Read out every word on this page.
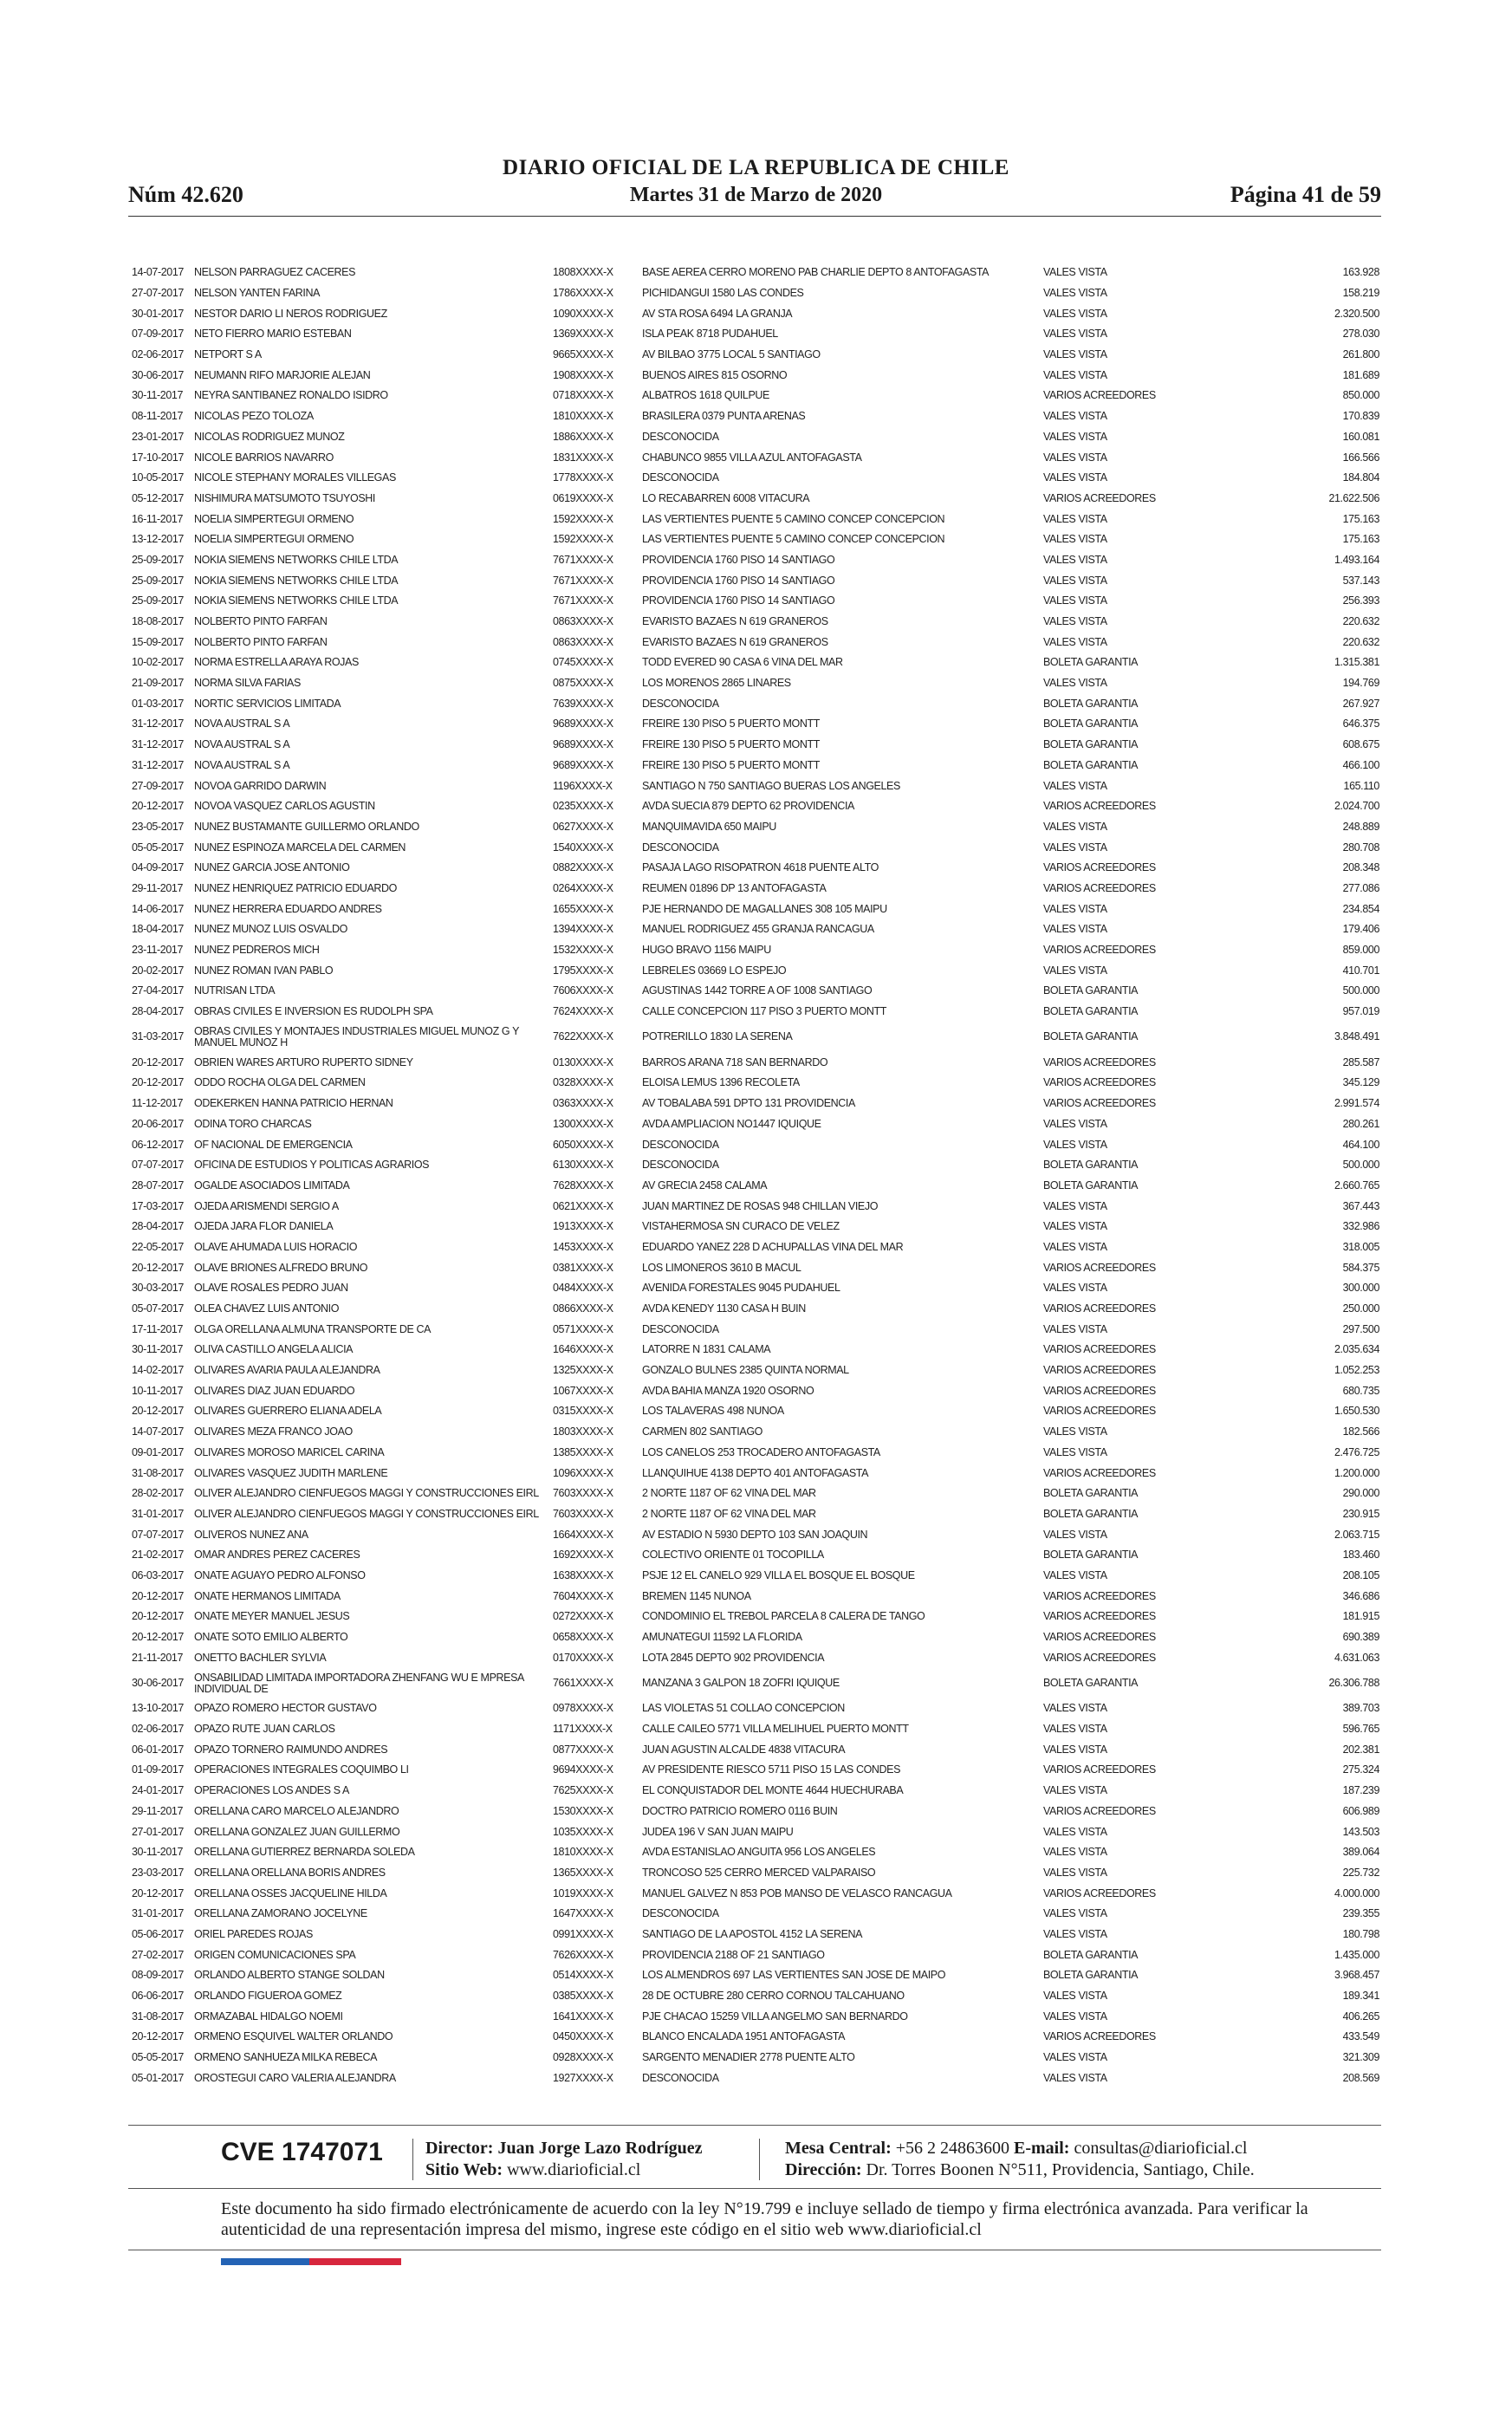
DIARIO OFICIAL DE LA REPUBLICA DE CHILE
Martes 31 de Marzo de 2020
Núm 42.620	Página 41 de 59
14-07-2017	NELSON PARRAGUEZ CACERES	1808XXXX-X	BASE AEREA CERRO MORENO PAB CHARLIE DEPTO 8 ANTOFAGASTA	VALES VISTA	163.928
27-07-2017	NELSON YANTEN FARINA	1786XXXX-X	PICHIDANGUI 1580 LAS CONDES	VALES VISTA	158.219
30-01-2017	NESTOR DARIO LI NEROS RODRIGUEZ	1090XXXX-X	AV STA ROSA 6494 LA GRANJA	VALES VISTA	2.320.500
07-09-2017	NETO FIERRO MARIO ESTEBAN	1369XXXX-X	ISLA PEAK 8718 PUDAHUEL	VALES VISTA	278.030
02-06-2017	NETPORT S A	9665XXXX-X	AV BILBAO 3775 LOCAL 5 SANTIAGO	VALES VISTA	261.800
30-06-2017	NEUMANN RIFO MARJORIE ALEJAN	1908XXXX-X	BUENOS AIRES 815 OSORNO	VALES VISTA	181.689
30-11-2017	NEYRA SANTIBANEZ RONALDO ISIDRO	0718XXXX-X	ALBATROS 1618 QUILPUE	VARIOS ACREEDORES	850.000
08-11-2017	NICOLAS PEZO TOLOZA	1810XXXX-X	BRASILERA 0379 PUNTA ARENAS	VALES VISTA	170.839
23-01-2017	NICOLAS RODRIGUEZ MUNOZ	1886XXXX-X	DESCONOCIDA	VALES VISTA	160.081
17-10-2017	NICOLE BARRIOS NAVARRO	1831XXXX-X	CHABUNCO 9855 VILLA AZUL ANTOFAGASTA	VALES VISTA	166.566
10-05-2017	NICOLE STEPHANY MORALES VILLEGAS	1778XXXX-X	DESCONOCIDA	VALES VISTA	184.804
05-12-2017	NISHIMURA MATSUMOTO TSUYOSHI	0619XXXX-X	LO RECABARREN 6008 VITACURA	VARIOS ACREEDORES	21.622.506
16-11-2017	NOELIA SIMPERTEGUI ORMENO	1592XXXX-X	LAS VERTIENTES PUENTE 5 CAMINO CONCEP CONCEPCION	VALES VISTA	175.163
13-12-2017	NOELIA SIMPERTEGUI ORMENO	1592XXXX-X	LAS VERTIENTES PUENTE 5 CAMINO CONCEP CONCEPCION	VALES VISTA	175.163
25-09-2017	NOKIA SIEMENS NETWORKS CHILE LTDA	7671XXXX-X	PROVIDENCIA 1760 PISO 14 SANTIAGO	VALES VISTA	1.493.164
25-09-2017	NOKIA SIEMENS NETWORKS CHILE LTDA	7671XXXX-X	PROVIDENCIA 1760 PISO 14 SANTIAGO	VALES VISTA	537.143
25-09-2017	NOKIA SIEMENS NETWORKS CHILE LTDA	7671XXXX-X	PROVIDENCIA 1760 PISO 14 SANTIAGO	VALES VISTA	256.393
18-08-2017	NOLBERTO PINTO FARFAN	0863XXXX-X	EVARISTO BAZAES N 619 GRANEROS	VALES VISTA	220.632
15-09-2017	NOLBERTO PINTO FARFAN	0863XXXX-X	EVARISTO BAZAES N 619 GRANEROS	VALES VISTA	220.632
10-02-2017	NORMA ESTRELLA ARAYA ROJAS	0745XXXX-X	TODD EVERED 90 CASA 6 VINA DEL MAR	BOLETA GARANTIA	1.315.381
21-09-2017	NORMA SILVA FARIAS	0875XXXX-X	LOS MORENOS 2865 LINARES	VALES VISTA	194.769
01-03-2017	NORTIC SERVICIOS LIMITADA	7639XXXX-X	DESCONOCIDA	BOLETA GARANTIA	267.927
31-12-2017	NOVA AUSTRAL S A	9689XXXX-X	FREIRE 130 PISO 5 PUERTO MONTT	BOLETA GARANTIA	646.375
31-12-2017	NOVA AUSTRAL S A	9689XXXX-X	FREIRE 130 PISO 5 PUERTO MONTT	BOLETA GARANTIA	608.675
31-12-2017	NOVA AUSTRAL S A	9689XXXX-X	FREIRE 130 PISO 5 PUERTO MONTT	BOLETA GARANTIA	466.100
27-09-2017	NOVOA GARRIDO DARWIN	1196XXXX-X	SANTIAGO N 750 SANTIAGO BUERAS LOS ANGELES	VALES VISTA	165.110
20-12-2017	NOVOA VASQUEZ CARLOS AGUSTIN	0235XXXX-X	AVDA SUECIA 879 DEPTO 62 PROVIDENCIA	VARIOS ACREEDORES	2.024.700
23-05-2017	NUNEZ BUSTAMANTE GUILLERMO ORLANDO	0627XXXX-X	MANQUIMAVIDA 650 MAIPU	VALES VISTA	248.889
05-05-2017	NUNEZ ESPINOZA MARCELA DEL CARMEN	1540XXXX-X	DESCONOCIDA	VALES VISTA	280.708
04-09-2017	NUNEZ GARCIA JOSE ANTONIO	0882XXXX-X	PASAJA LAGO RISOPATRON 4618 PUENTE ALTO	VARIOS ACREEDORES	208.348
29-11-2017	NUNEZ HENRIQUEZ PATRICIO EDUARDO	0264XXXX-X	REUMEN 01896 DP 13 ANTOFAGASTA	VARIOS ACREEDORES	277.086
14-06-2017	NUNEZ HERRERA EDUARDO ANDRES	1655XXXX-X	PJE HERNANDO DE MAGALLANES 308 105 MAIPU	VALES VISTA	234.854
18-04-2017	NUNEZ MUNOZ LUIS OSVALDO	1394XXXX-X	MANUEL RODRIGUEZ 455 GRANJA RANCAGUA	VALES VISTA	179.406
23-11-2017	NUNEZ PEDREROS MICH	1532XXXX-X	HUGO BRAVO 1156 MAIPU	VARIOS ACREEDORES	859.000
20-02-2017	NUNEZ ROMAN IVAN PABLO	1795XXXX-X	LEBRELES 03669 LO ESPEJO	VALES VISTA	410.701
27-04-2017	NUTRISAN LTDA	7606XXXX-X	AGUSTINAS 1442 TORRE A OF 1008 SANTIAGO	BOLETA GARANTIA	500.000
28-04-2017	OBRAS CIVILES E INVERSION ES RUDOLPH SPA	7624XXXX-X	CALLE CONCEPCION 117 PISO 3 PUERTO MONTT	BOLETA GARANTIA	957.019
31-03-2017	OBRAS CIVILES Y MONTAJES INDUSTRIALES MIGUEL MUNOZ G Y MANUEL MUNOZ H	7622XXXX-X	POTRERILLO 1830 LA SERENA	BOLETA GARANTIA	3.848.491
20-12-2017	OBRIEN WARES ARTURO RUPERTO SIDNEY	0130XXXX-X	BARROS ARANA 718 SAN BERNARDO	VARIOS ACREEDORES	285.587
20-12-2017	ODDO ROCHA OLGA DEL CARMEN	0328XXXX-X	ELOISA LEMUS 1396 RECOLETA	VARIOS ACREEDORES	345.129
11-12-2017	ODEKERKEN HANNA PATRICIO HERNAN	0363XXXX-X	AV TOBALABA 591 DPTO 131 PROVIDENCIA	VARIOS ACREEDORES	2.991.574
20-06-2017	ODINA TORO CHARCAS	1300XXXX-X	AVDA AMPLIACION NO1447 IQUIQUE	VALES VISTA	280.261
06-12-2017	OF NACIONAL DE EMERGENCIA	6050XXXX-X	DESCONOCIDA	VALES VISTA	464.100
07-07-2017	OFICINA DE ESTUDIOS Y POLITICAS AGRARIOS	6130XXXX-X	DESCONOCIDA	BOLETA GARANTIA	500.000
28-07-2017	OGALDE ASOCIADOS LIMITADA	7628XXXX-X	AV GRECIA 2458 CALAMA	BOLETA GARANTIA	2.660.765
17-03-2017	OJEDA ARISMENDI SERGIO A	0621XXXX-X	JUAN MARTINEZ DE ROSAS 948 CHILLAN VIEJO	VALES VISTA	367.443
28-04-2017	OJEDA JARA FLOR DANIELA	1913XXXX-X	VISTAHERMOSA SN CURACO DE VELEZ	VALES VISTA	332.986
22-05-2017	OLAVE AHUMADA LUIS HORACIO	1453XXXX-X	EDUARDO YANEZ 228 D ACHUPALLAS VINA DEL MAR	VALES VISTA	318.005
20-12-2017	OLAVE BRIONES ALFREDO BRUNO	0381XXXX-X	LOS LIMONEROS 3610 B MACUL	VARIOS ACREEDORES	584.375
30-03-2017	OLAVE ROSALES PEDRO JUAN	0484XXXX-X	AVENIDA FORESTALES 9045 PUDAHUEL	VALES VISTA	300.000
05-07-2017	OLEA CHAVEZ LUIS ANTONIO	0866XXXX-X	AVDA KENEDY 1130 CASA H BUIN	VARIOS ACREEDORES	250.000
17-11-2017	OLGA ORELLANA ALMUNA TRANSPORTE DE CA	0571XXXX-X	DESCONOCIDA	VALES VISTA	297.500
30-11-2017	OLIVA CASTILLO ANGELA ALICIA	1646XXXX-X	LATORRE N 1831 CALAMA	VARIOS ACREEDORES	2.035.634
14-02-2017	OLIVARES AVARIA PAULA ALEJANDRA	1325XXXX-X	GONZALO BULNES 2385 QUINTA NORMAL	VARIOS ACREEDORES	1.052.253
10-11-2017	OLIVARES DIAZ JUAN EDUARDO	1067XXXX-X	AVDA BAHIA MANZA 1920 OSORNO	VARIOS ACREEDORES	680.735
20-12-2017	OLIVARES GUERRERO ELIANA ADELA	0315XXXX-X	LOS TALAVERAS 498 NUNOA	VARIOS ACREEDORES	1.650.530
14-07-2017	OLIVARES MEZA FRANCO JOAO	1803XXXX-X	CARMEN 802 SANTIAGO	VALES VISTA	182.566
09-01-2017	OLIVARES MOROSO MARICEL CARINA	1385XXXX-X	LOS CANELOS 253 TROCADERO ANTOFAGASTA	VALES VISTA	2.476.725
31-08-2017	OLIVARES VASQUEZ JUDITH MARLENE	1096XXXX-X	LLANQUIHUE 4138 DEPTO 401 ANTOFAGASTA	VARIOS ACREEDORES	1.200.000
28-02-2017	OLIVER ALEJANDRO CIENFUEGOS MAGGI Y CONSTRUCCIONES EIRL	7603XXXX-X	2 NORTE 1187 OF 62 VINA DEL MAR	BOLETA GARANTIA	290.000
31-01-2017	OLIVER ALEJANDRO CIENFUEGOS MAGGI Y CONSTRUCCIONES EIRL	7603XXXX-X	2 NORTE 1187 OF 62 VINA DEL MAR	BOLETA GARANTIA	230.915
07-07-2017	OLIVEROS NUNEZ ANA	1664XXXX-X	AV ESTADIO N 5930 DEPTO 103 SAN JOAQUIN	VALES VISTA	2.063.715
21-02-2017	OMAR ANDRES PEREZ CACERES	1692XXXX-X	COLECTIVO ORIENTE 01 TOCOPILLA	BOLETA GARANTIA	183.460
06-03-2017	ONATE AGUAYO PEDRO ALFONSO	1638XXXX-X	PSJE 12 EL CANELO 929 VILLA EL BOSQUE EL BOSQUE	VALES VISTA	208.105
20-12-2017	ONATE HERMANOS LIMITADA	7604XXXX-X	BREMEN 1145 NUNOA	VARIOS ACREEDORES	346.686
20-12-2017	ONATE MEYER MANUEL JESUS	0272XXXX-X	CONDOMINIO EL TREBOL PARCELA 8 CALERA DE TANGO	VARIOS ACREEDORES	181.915
20-12-2017	ONATE SOTO EMILIO ALBERTO	0658XXXX-X	AMUNATEGUI 11592 LA FLORIDA	VARIOS ACREEDORES	690.389
21-11-2017	ONETTO BACHLER SYLVIA	0170XXXX-X	LOTA 2845 DEPTO 902 PROVIDENCIA	VARIOS ACREEDORES	4.631.063
30-06-2017	ONSABILIDAD LIMITADA IMPORTADORA ZHENFANG WU E MPRESA INDIVIDUAL DE	7661XXXX-X	MANZANA 3 GALPON 18 ZOFRI IQUIQUE	BOLETA GARANTIA	26.306.788
13-10-2017	OPAZO ROMERO HECTOR GUSTAVO	0978XXXX-X	LAS VIOLETAS 51 COLLAO CONCEPCION	VALES VISTA	389.703
02-06-2017	OPAZO RUTE JUAN CARLOS	1171XXXX-X	CALLE CAILEO 5771 VILLA MELIHUEL PUERTO MONTT	VALES VISTA	596.765
06-01-2017	OPAZO TORNERO RAIMUNDO ANDRES	0877XXXX-X	JUAN AGUSTIN ALCALDE 4838 VITACURA	VALES VISTA	202.381
01-09-2017	OPERACIONES INTEGRALES COQUIMBO LI	9694XXXX-X	AV PRESIDENTE RIESCO 5711 PISO 15 LAS CONDES	VARIOS ACREEDORES	275.324
24-01-2017	OPERACIONES LOS ANDES S A	7625XXXX-X	EL CONQUISTADOR DEL MONTE 4644 HUECHURABA	VALES VISTA	187.239
29-11-2017	ORELLANA CARO MARCELO ALEJANDRO	1530XXXX-X	DOCTRO PATRICIO ROMERO 0116 BUIN	VARIOS ACREEDORES	606.989
27-01-2017	ORELLANA GONZALEZ JUAN GUILLERMO	1035XXXX-X	JUDEA 196 V SAN JUAN MAIPU	VALES VISTA	143.503
30-11-2017	ORELLANA GUTIERREZ BERNARDA SOLEDA	1810XXXX-X	AVDA ESTANISLAO ANGUITA 956 LOS ANGELES	VALES VISTA	389.064
23-03-2017	ORELLANA ORELLANA BORIS ANDRES	1365XXXX-X	TRONCOSO 525 CERRO MERCED VALPARAISO	VALES VISTA	225.732
20-12-2017	ORELLANA OSSES JACQUELINE HILDA	1019XXXX-X	MANUEL GALVEZ N 853 POB MANSO DE VELASCO RANCAGUA	VARIOS ACREEDORES	4.000.000
31-01-2017	ORELLANA ZAMORANO JOCELYNE	1647XXXX-X	DESCONOCIDA	VALES VISTA	239.355
05-06-2017	ORIEL PAREDES ROJAS	0991XXXX-X	SANTIAGO DE LA APOSTOL 4152 LA SERENA	VALES VISTA	180.798
27-02-2017	ORIGEN COMUNICACIONES SPA	7626XXXX-X	PROVIDENCIA 2188 OF 21 SANTIAGO	BOLETA GARANTIA	1.435.000
08-09-2017	ORLANDO ALBERTO STANGE SOLDAN	0514XXXX-X	LOS ALMENDROS 697 LAS VERTIENTES SAN JOSE DE MAIPO	BOLETA GARANTIA	3.968.457
06-06-2017	ORLANDO FIGUEROA GOMEZ	0385XXXX-X	28 DE OCTUBRE 280 CERRO CORNOU TALCAHUANO	VALES VISTA	189.341
31-08-2017	ORMAZABAL HIDALGO NOEMI	1641XXXX-X	PJE CHACAO 15259 VILLA ANGELMO SAN BERNARDO	VALES VISTA	406.265
20-12-2017	ORMENO ESQUIVEL WALTER ORLANDO	0450XXXX-X	BLANCO ENCALADA 1951 ANTOFAGASTA	VARIOS ACREEDORES	433.549
05-05-2017	ORMENO SANHUEZA MILKA REBECA	0928XXXX-X	SARGENTO MENADIER 2778 PUENTE ALTO	VALES VISTA	321.309
05-01-2017	OROSTEGUI CARO VALERIA ALEJANDRA	1927XXXX-X	DESCONOCIDA	VALES VISTA	208.569
CVE 1747071 Director: Juan Jorge Lazo Rodríguez
Sitio Web: www.diarioficial.cl
Mesa Central: +56 2 24863600 E-mail: consultas@diarioficial.cl
Dirección: Dr. Torres Boonen N°511, Providencia, Santiago, Chile.
Este documento ha sido firmado electrónicamente de acuerdo con la ley N°19.799 e incluye sellado de tiempo y firma electrónica avanzada. Para verificar la autenticidad de una representación impresa del mismo, ingrese este código en el sitio web www.diarioficial.cl
